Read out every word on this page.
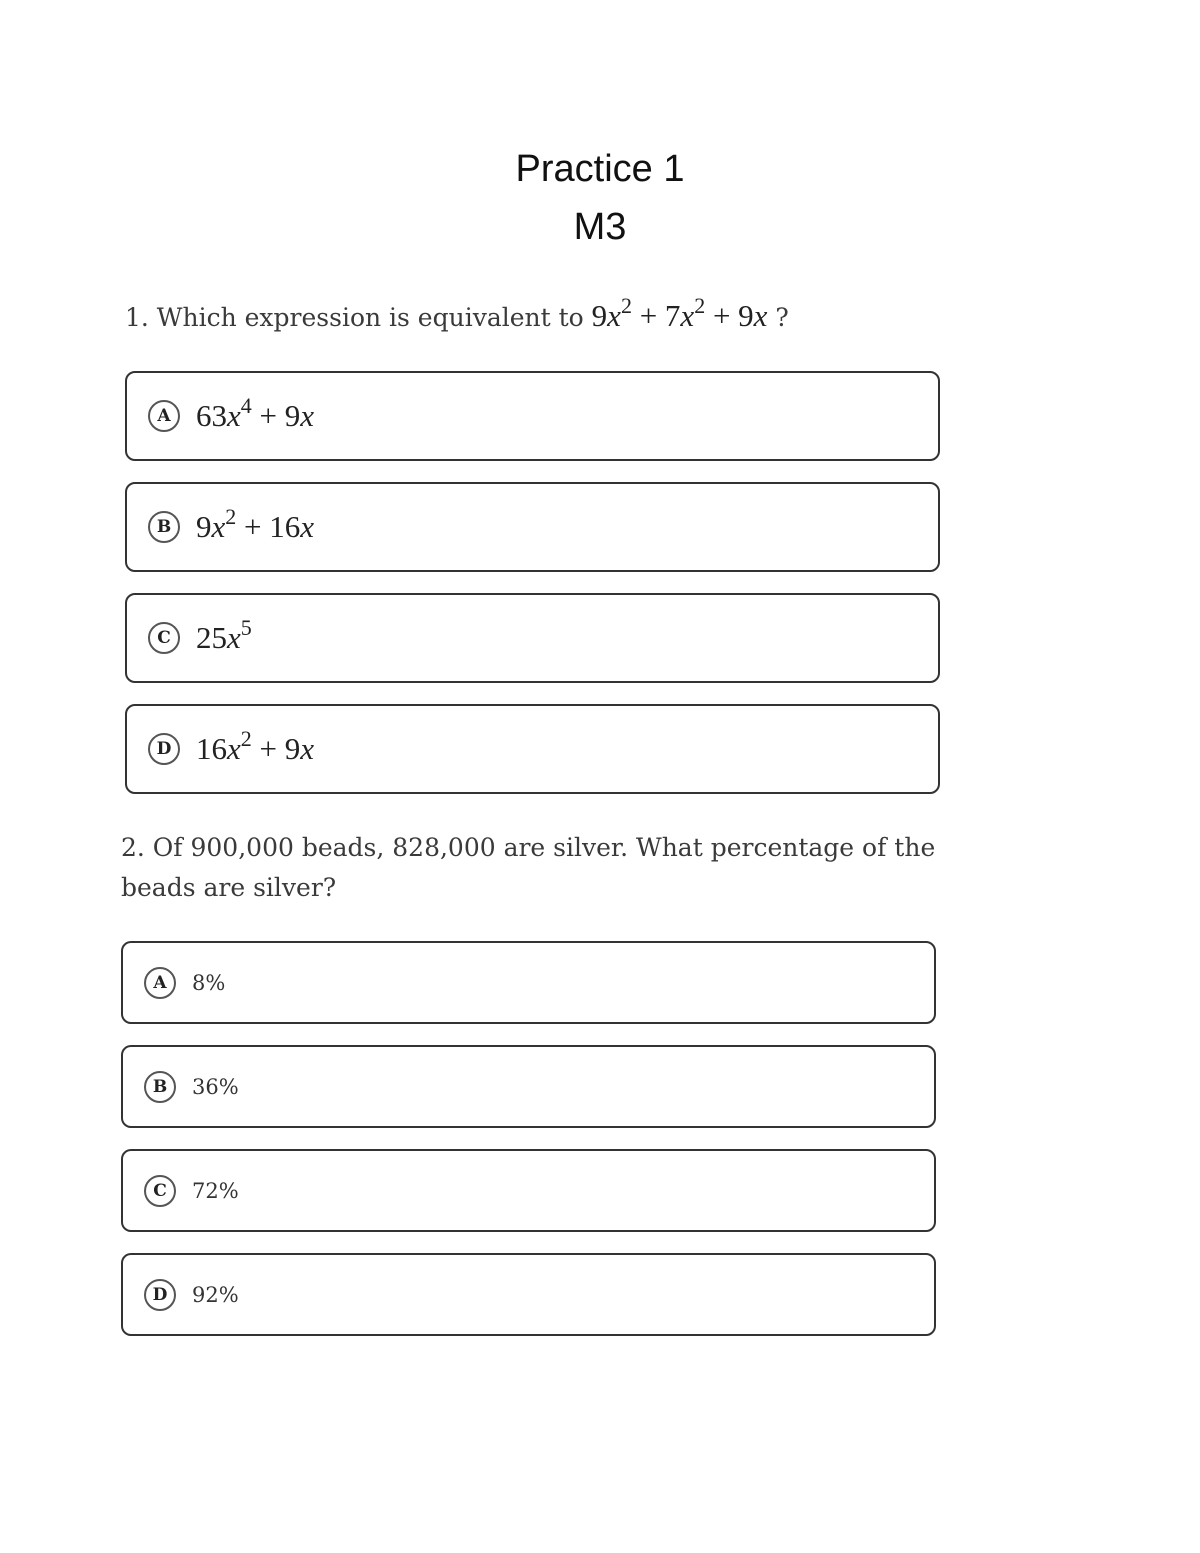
Practice 1
M3
1. Which expression is equivalent to $9x^2 + 7x^2 + 9x$ ?
A $63x^4 + 9x$
B $9x^2 + 16x$
C $25x^5$
D $16x^2 + 9x$
2. Of 900,000 beads, 828,000 are silver. What percentage of the
beads are silver?
A	8%
B	36%
C	72%
D	92%
